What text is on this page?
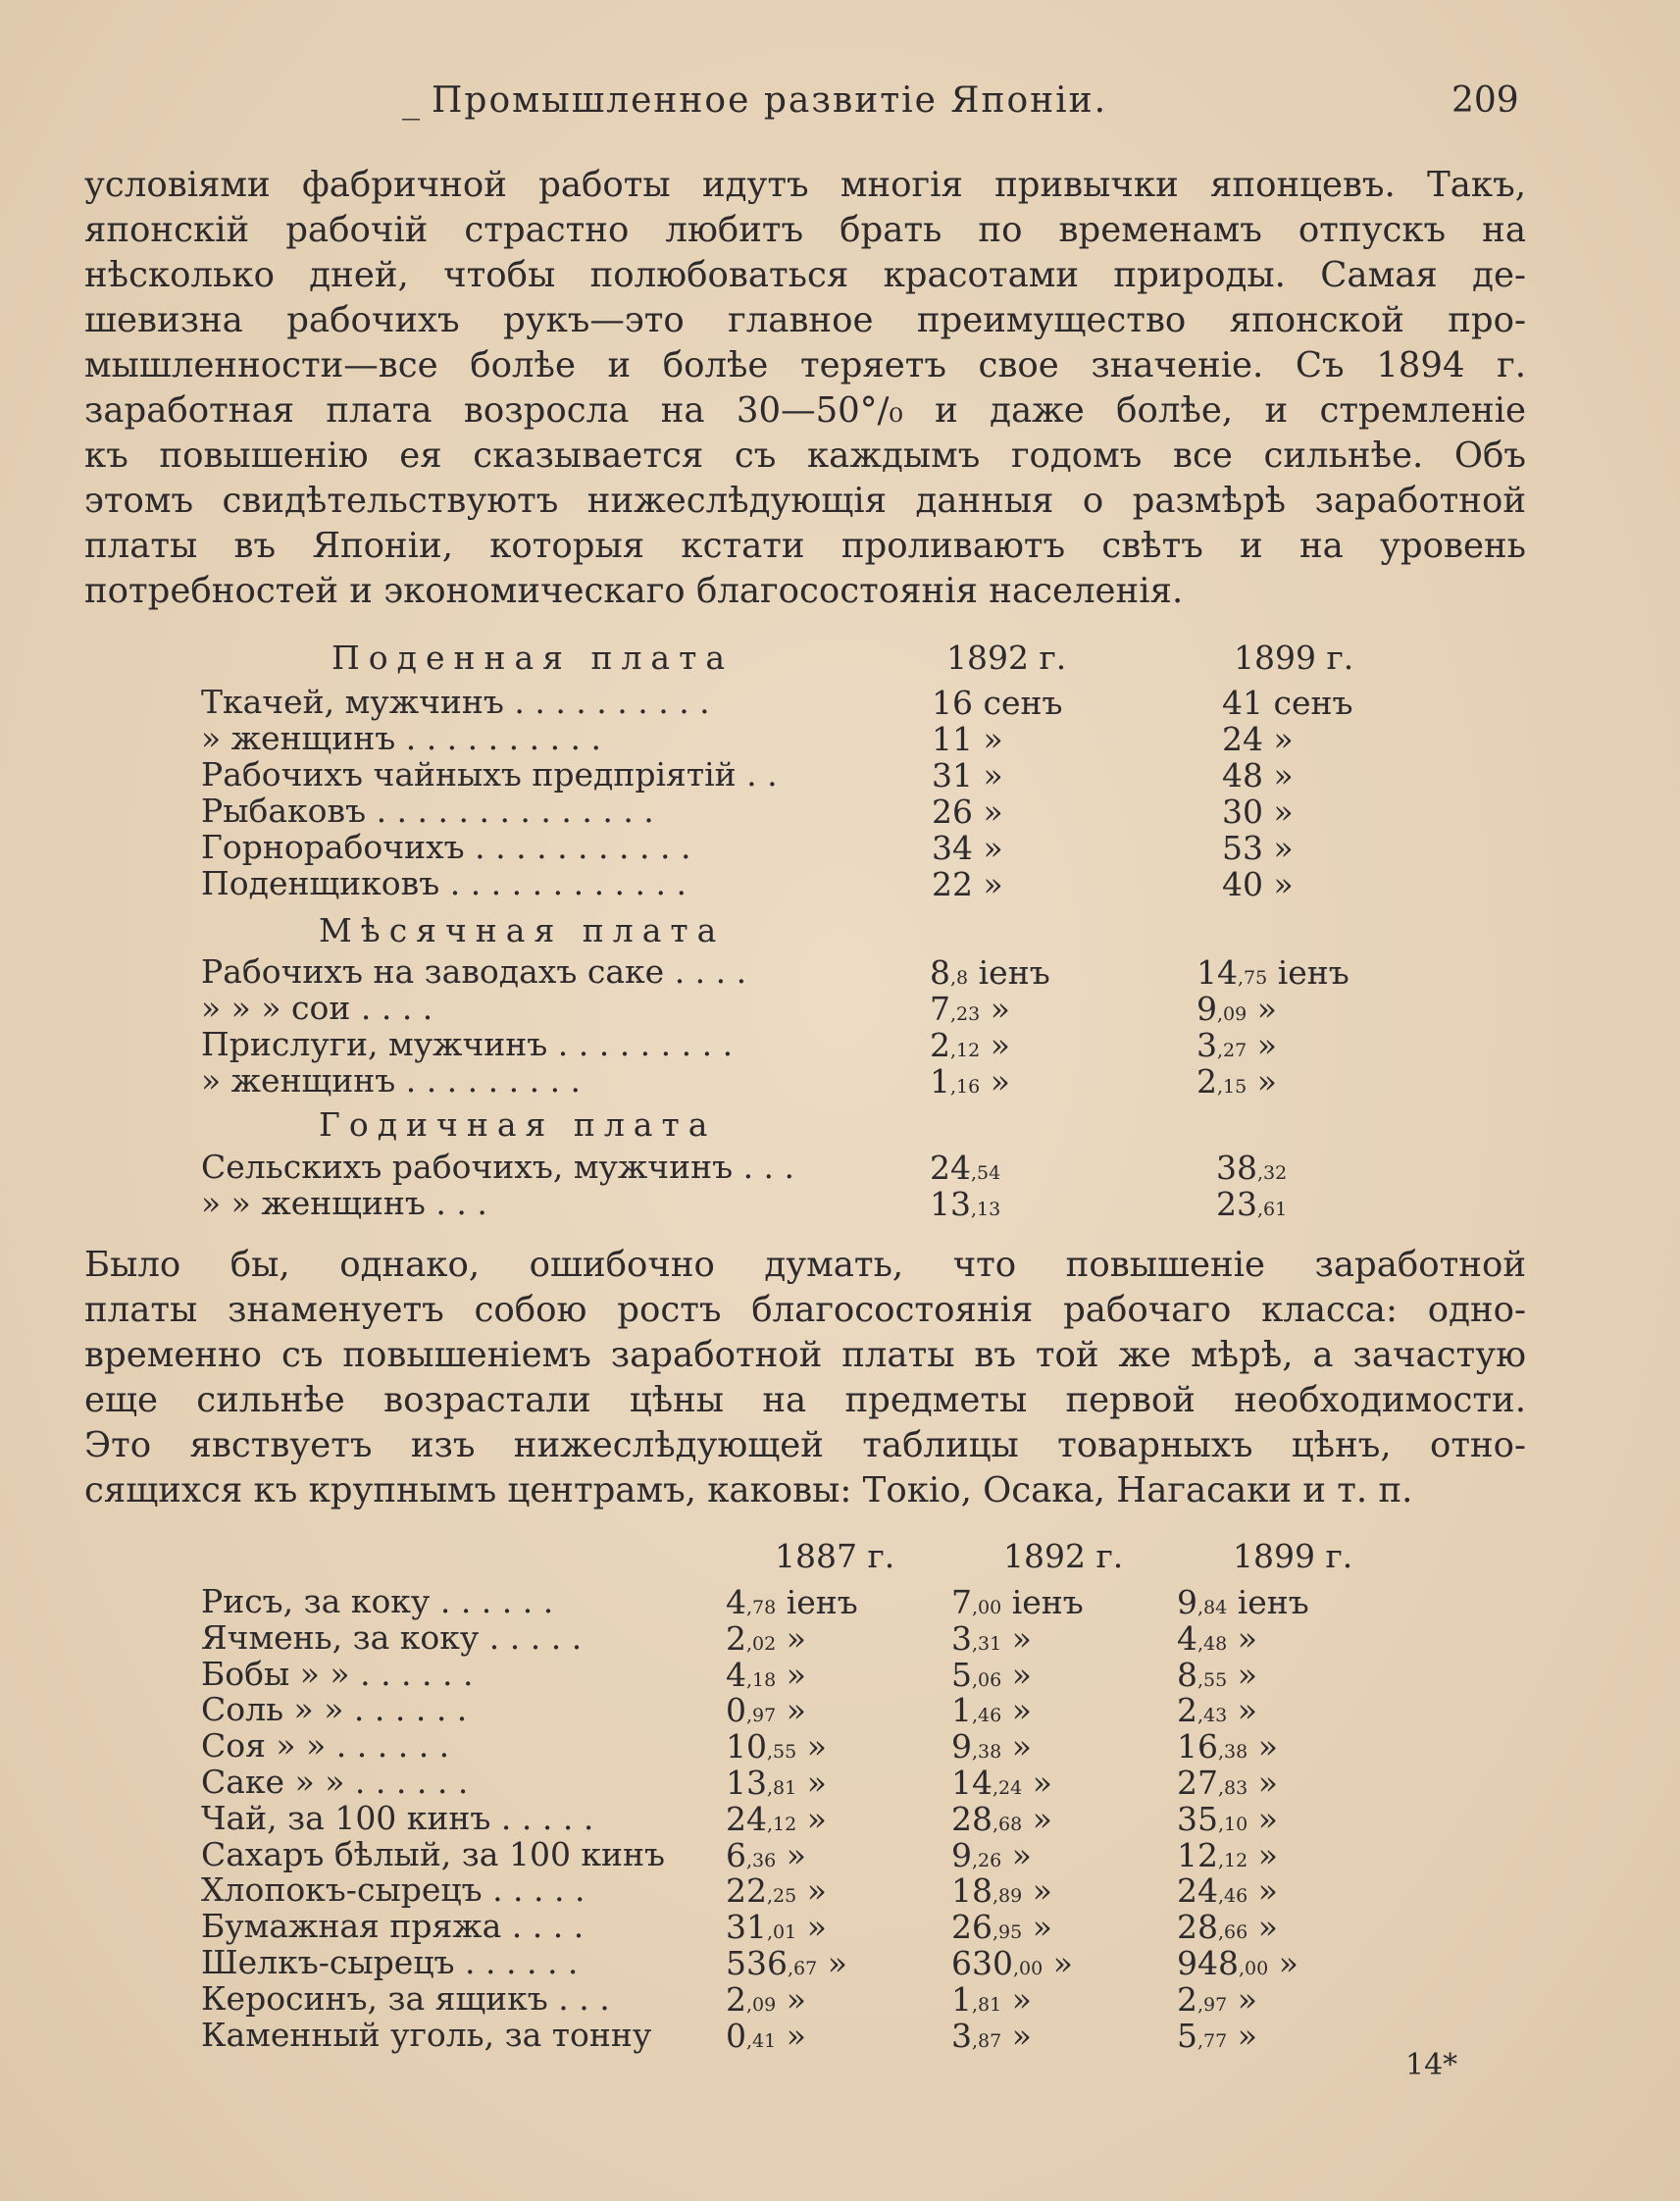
_ Промышленное развитіе Японіи.	209
условіями фабричной работы идутъ многія привычки японцевъ. Такъ,
японскій рабочій страстно любитъ брать по временамъ отпускъ на
нѣсколько дней, чтобы полюбоваться красотами природы. Самая де-
шевизна рабочихъ рукъ—это главное преимущество японской про-
мышленности—все болѣе и болѣе теряетъ свое значеніе. Съ 1894 г.
заработная плата возросла на 30—50°/₀ и даже болѣе, и стремленіе
къ повышенію ея сказывается съ каждымъ годомъ все сильнѣе. Объ
этомъ свидѣтельствуютъ нижеслѣдующія данныя о размѣрѣ заработной
платы въ Японіи, которыя кстати проливаютъ свѣтъ и на уровень
потребностей и экономическаго благосостоянія населенія.
Было бы, однако, ошибочно думать, что повышеніе заработной
платы знаменуетъ собою ростъ благосостоянія рабочаго класса: одно-
временно съ повышеніемъ заработной платы въ той же мѣрѣ, а зачастую
еще сильнѣе возрастали цѣны на предметы первой необходимости.
Это явствуетъ изъ нижеслѣдующей таблицы товарныхъ цѣнъ, отно-
сящихся къ крупнымъ центрамъ, каковы: Токіо, Осака, Нагасаки и т. п.
14*
Поденная плата	1892 г.	1899 г.
Ткачей, мужчинъ . . . . . . . . . .	16 сенъ	41 сенъ
» женщинъ . . . . . . . . . .	11 »	24 »
Рабочихъ чайныхъ предпріятій . .	31 »	48 »
Рыбаковъ . . . . . . . . . . . . . .	26 »	30 »
Горнорабочихъ . . . . . . . . . . .	34 »	53 »
Поденщиковъ . . . . . . . . . . . .	22 »	40 »
Мѣсячная плата
Рабочихъ на заводахъ саке . . . .	8,8 іенъ	14,75 іенъ
» » » сои . . . .	7,23 »	9,09 »
Прислуги, мужчинъ . . . . . . . . .	2,12 »	3,27 »
» женщинъ . . . . . . . . .	1,16 »	2,15 »
Годичная плата
Сельскихъ рабочихъ, мужчинъ . . .	24,54	38,32
» » женщинъ . . .	13,13	23,61
1887 г.	1892 г.	1899 г.
Рисъ, за коку . . . . . .	4,78 іенъ	7,00 іенъ	9,84 іенъ
Ячмень, за коку . . . . .	2,02 »	3,31 »	4,48 »
Бобы » » . . . . . .	4,18 »	5,06 »	8,55 »
Соль » » . . . . . .	0,97 »	1,46 »	2,43 »
Соя » » . . . . . .	10,55 »	9,38 »	16,38 »
Саке » » . . . . . .	13,81 »	14,24 »	27,83 »
Чай, за 100 кинъ . . . . .	24,12 »	28,68 »	35,10 »
Сахаръ бѣлый, за 100 кинъ 6,36 »	9,26 »	12,12 »
Хлопокъ-сырецъ . . . . .	22,25 »	18,89 »	24,46 »
Бумажная пряжа . . . .	31,01 »	26,95 »	28,66 »
Шелкъ-сырецъ . . . . . .	536,67 »	630,00 »	948,00 »
Керосинъ, за ящикъ . . .	2,09 »	1,81 »	2,97 »
Каменный уголь, за тонну 0,41 »	3,87 »	5,77 »
